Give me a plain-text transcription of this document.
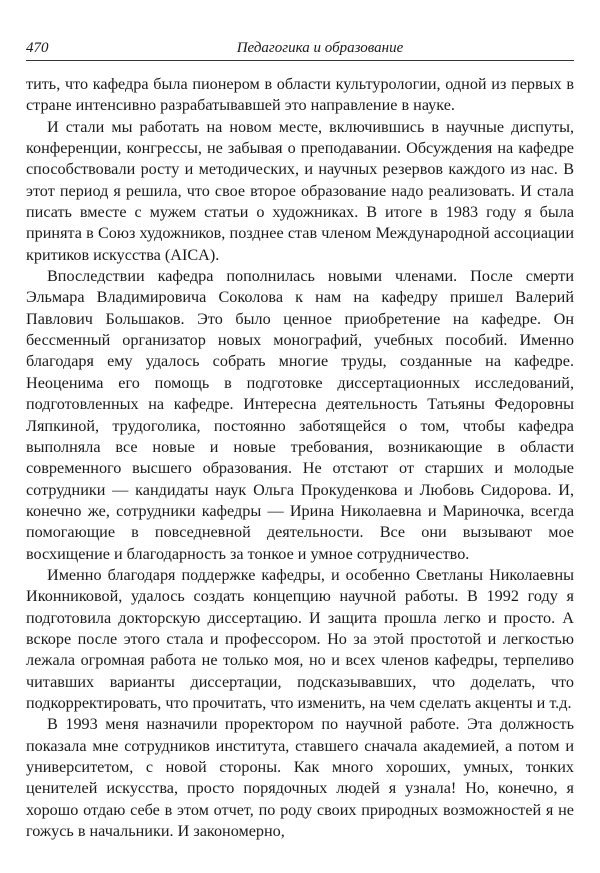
470	Педагогика и образование

тить, что кафедра была пионером в области культурологии, одной из первых в стране интенсивно разрабатывавшей это направление в науке.

И стали мы работать на новом месте, включившись в научные диспуты, конференции, конгрессы, не забывая о преподавании. Обсуждения на кафедре способствовали росту и методических, и научных резервов каждого из нас. В этот период я решила, что свое второе образование надо реализовать. И стала писать вместе с мужем статьи о художниках. В итоге в 1983 году я была принята в Союз художников, позднее став членом Международной ассоциации критиков искусства (AICA).

Впоследствии кафедра пополнилась новыми членами. После смерти Эльмара Владимировича Соколова к нам на кафедру пришел Валерий Павлович Большаков. Это было ценное приобретение на кафедре. Он бессменный организатор новых монографий, учебных пособий. Именно благодаря ему удалось собрать многие труды, созданные на кафедре. Неоценима его помощь в подготовке диссертационных исследований, подготовленных на кафедре. Интересна деятельность Татьяны Федоровны Ляпкиной, трудоголика, постоянно заботящейся о том, чтобы кафедра выполняла все новые и новые требования, возникающие в области современного высшего образования. Не отстают от старших и молодые сотрудники — кандидаты наук Ольга Прокуденкова и Любовь Сидорова. И, конечно же, сотрудники кафедры — Ирина Николаевна и Мариночка, всегда помогающие в повседневной деятельности. Все они вызывают мое восхищение и благодарность за тонкое и умное сотрудничество.

Именно благодаря поддержке кафедры, и особенно Светланы Николаевны Иконниковой, удалось создать концепцию научной работы. В 1992 году я подготовила докторскую диссертацию. И защита прошла легко и просто. А вскоре после этого стала и профессором. Но за этой простотой и легкостью лежала огромная работа не только моя, но и всех членов кафедры, терпеливо читавших варианты диссертации, подсказывавших, что доделать, что подкорректировать, что прочитать, что изменить, на чем сделать акценты и т.д.

В 1993 меня назначили проректором по научной работе. Эта должность показала мне сотрудников института, ставшего сначала академией, а потом и университетом, с новой стороны. Как много хороших, умных, тонких ценителей искусства, просто порядочных людей я узнала! Но, конечно, я хорошо отдаю себе в этом отчет, по роду своих природных возможностей я не гожусь в начальники. И закономерно,
